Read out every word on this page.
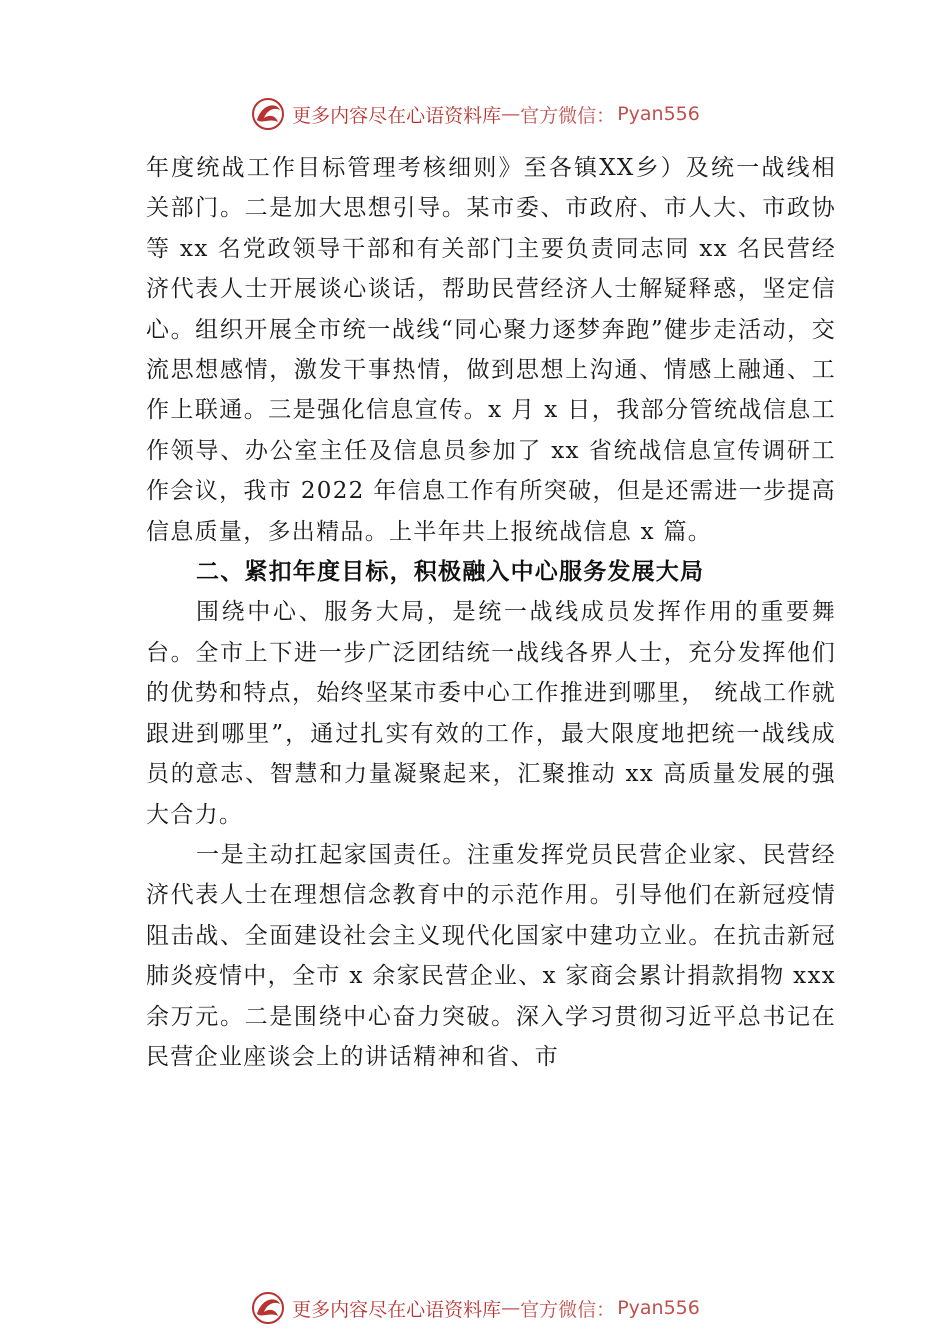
更多内容尽在心语资料库 — 官方微信： Pyan556

年度统战工作目标管理考核细则》至各镇XX乡）及统一战线相关部门。二是加大思想引导。某市委、市政府、市人大、市政协等 xx 名党政领导干部和有关部门主要负责同志同 xx 名民营经济代表人士开展谈心谈话，帮助民营经济人士解疑释惑，坚定信心。组织开展全市统一战线“同心聚力逐梦奔跑”健步走活动，交流思想感情，激发干事热情，做到思想上沟通、情感上融通、工作上联通。三是强化信息宣传。x 月 x 日，我部分管统战信息工作领导、办公室主任及信息员参加了 xx 省统战信息宣传调研工作会议，我市 2022 年信息工作有所突破，但是还需进一步提高信息质量，多出精品。上半年共上报统战信息 x 篇。

二、紧扣年度目标，积极融入中心服务发展大局

围绕中心、服务大局，是统一战线成员发挥作用的重要舞台。全市上下进一步广泛团结统一战线各界人士，充分发挥他们的优势和特点，始终坚某市委中心工作推进到哪里， 统战工作就跟进到哪里”，通过扎实有效的工作，最大限度地把统一战线成员的意志、智慧和力量凝聚起来，汇聚推动 xx 高质量发展的强大合力。

一是主动扛起家国责任。注重发挥党员民营企业家、民营经济代表人士在理想信念教育中的示范作用。引导他们在新冠疫情阻击战、全面建设社会主义现代化国家中建功立业。在抗击新冠肺炎疫情中，全市 x 余家民营企业、x 家商会累计捐款捐物 xxx 余万元。二是围绕中心奋力突破。深入学习贯彻习近平总书记在民营企业座谈会上的讲话精神和省、市

更多内容尽在心语资料库 — 官方微信： Pyan556
